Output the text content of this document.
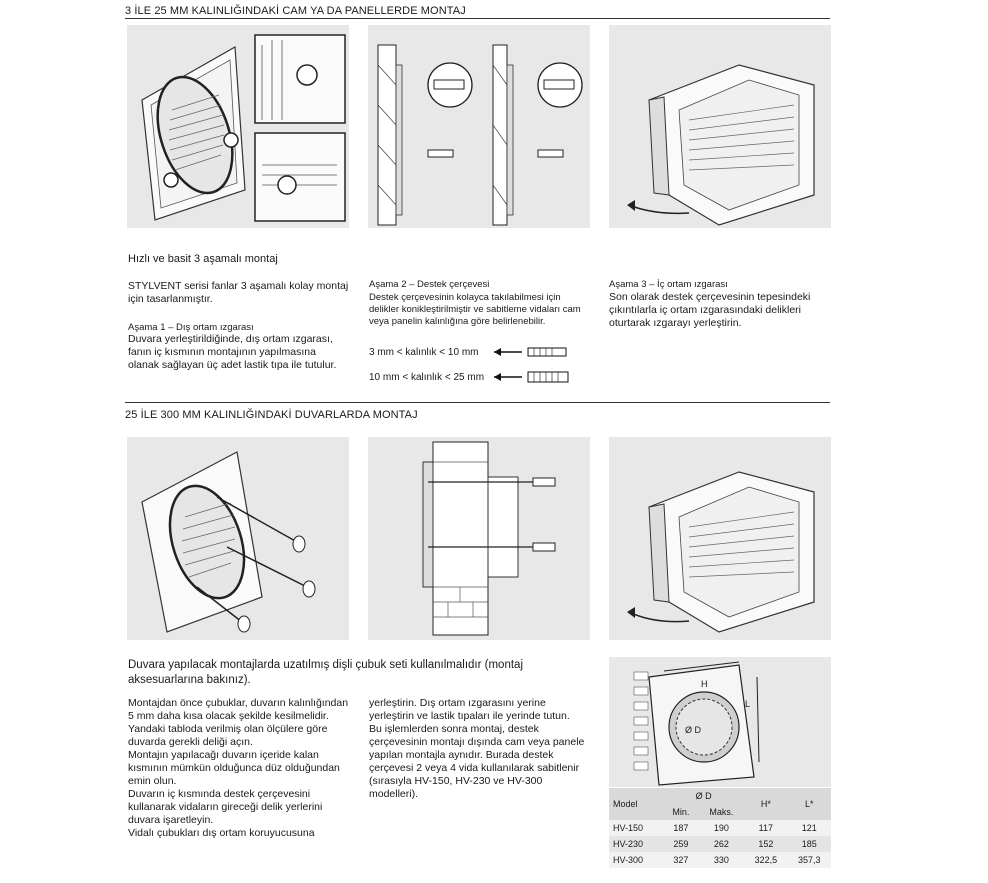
3 İLE 25 MM KALINLIĞINDAKİ CAM YA DA PANELLERDE MONTAJ
Hızlı ve basit 3 aşamalı montaj

STYLVENT serisi fanlar 3 aşamalı kolay montaj için tasarlanmıştır.

Aşama 1 – Dış ortam ızgarası
Duvara yerleştirildiğinde, dış ortam ızgarası, fanın iç kısmının montajının yapılmasına olanak sağlayan üç adet lastik tıpa ile tutulur.
Aşama 2 – Destek çerçevesi
Destek çerçevesinin kolayca takılabilmesi için delikler konikleştirilmiştir ve sabitleme vidaları cam veya panelin kalınlığına göre belirlenebilir.
3 mm < kalınlık < 10 mm
10 mm < kalınlık < 25 mm
Aşama 3 – İç ortam ızgarası
Son olarak destek çerçevesinin tepesindeki çıkıntılarla iç ortam ızgarasındaki delikleri oturtarak ızgarayı yerleştirin.
25 İLE 300 MM KALINLIĞINDAKİ DUVARLARDA MONTAJ
Duvara yapılacak montajlarda uzatılmış dişli çubuk seti kullanılmalıdır (montaj aksesuarlarına bakınız).
Montajdan önce çubuklar, duvarın kalınlığından 5 mm daha kısa olacak şekilde kesilmelidir. Yandaki tabloda verilmiş olan ölçülere göre duvarda gerekli deliği açın.
Montajın yapılacağı duvarın içeride kalan kısmının mümkün olduğunca düz olduğundan emin olun.
Duvarın iç kısmında destek çerçevesini kullanarak vidaların gireceği delik yerlerini duvara işaretleyin.
Vidalı çubukları dış ortam koruyucusuna
yerleştirin. Dış ortam ızgarasını yerine yerleştirin ve lastik tıpaları ile yerinde tutun.
Bu işlemlerden sonra montaj, destek çerçevesinin montajı dışında cam veya panele yapılan montajla aynıdır. Burada destek çerçevesi 2 veya 4 vida kullanılarak sabitlenir (sırasıyla HV-150, HV-230 ve HV-300 modelleri).
H
L
Ø D
Model	Ø D		H*	L*
	Min.	Maks.		
HV-150	187	190	117	121
HV-230	259	262	152	185
HV-300	327	330	322,5	357,3
